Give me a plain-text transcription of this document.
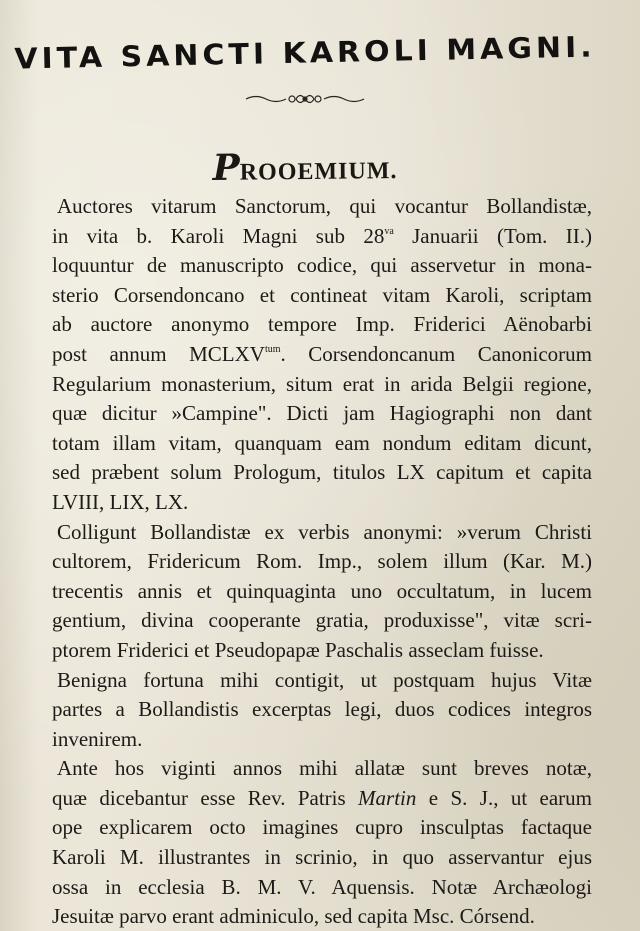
VITA SANCTI KAROLI MAGNI.
PROOEMIUM.
Auctores vitarum Sanctorum, qui vocantur Bollandistæ,
in vita b. Karoli Magni sub $28^{va}$ Januarii (Tom. II.)
loquuntur de manuscripto codice, qui asservetur in mona-
sterio Corsendoncano et contineat vitam Karoli, scriptam
ab auctore anonymo tempore Imp. Friderici Aënobarbi
post annum $MCLXV^{tum}$. Corsendoncanum Canonicorum
Regularium monasterium, situm erat in arida Belgii regione,
quæ dicitur »Campine". Dicti jam Hagiographi non dant
totam illam vitam, quanquam eam nondum editam dicunt,
sed præbent solum Prologum, titulos LX capitum et capita
LVIII, LIX, LX.
Colligunt Bollandistæ ex verbis anonymi: »verum Christi
cultorem, Fridericum Rom. Imp., solem illum (Kar. M.)
trecentis annis et quinquaginta uno occultatum, in lucem
gentium, divina cooperante gratia, produxisse", vitæ scri-
ptorem Friderici et Pseudopapæ Paschalis asseclam fuisse.
Benigna fortuna mihi contigit, ut postquam hujus Vitæ
partes a Bollandistis excerptas legi, duos codices integros
invenirem.
Ante hos viginti annos mihi allatæ sunt breves notæ,
quæ dicebantur esse Rev. Patris Martin e S. J., ut earum
ope explicarem octo imagines cupro insculptas factaque
Karoli M. illustrantes in scrinio, in quo asservantur ejus
ossa in ecclesia B. M. V. Aquensis. Notæ Archæologi
Jesuitæ parvo erant adminiculo, sed capita Msc. Córsend.
